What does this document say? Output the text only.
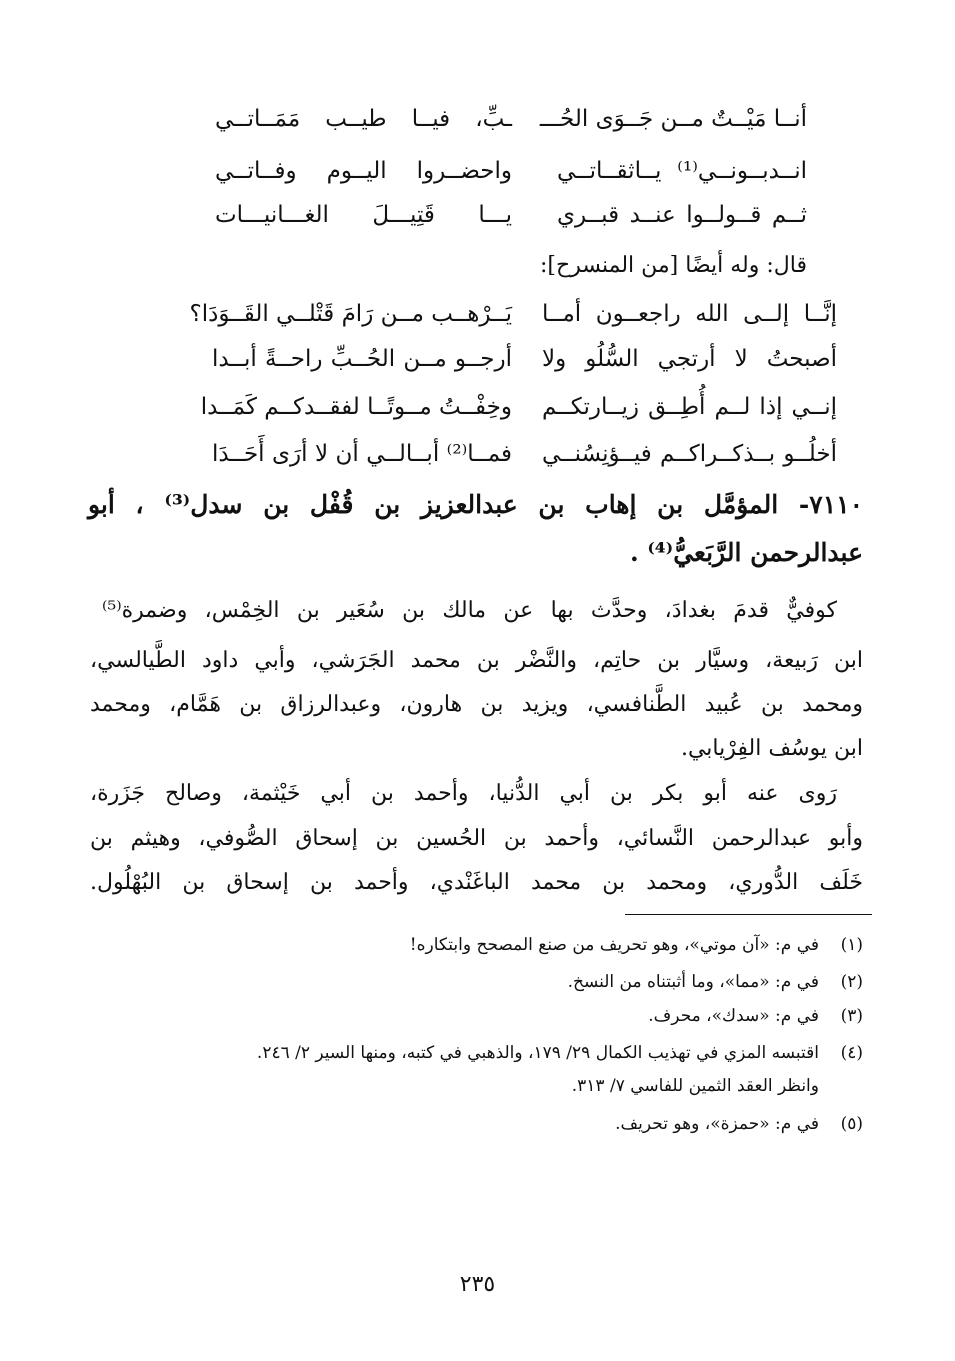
أنــا مَيْــتٌ مــن جَــوَى الحُـــ
ـبِّ، فيــا طيــب مَمَــاتــي
انــدبــونــي⁽¹⁾ يــاثقــاتــي
واحضــروا اليــوم وفــاتــي
ثــم قــولــوا عنــد قبــري
يـــا قَتِيـــلَ الغـــانيـــات
قال: وله أيضًا [من المنسرح]:
إنَّــا إلــى الله راجعــون أمــا
يَــرْهــب مــن رَامَ قَتْلــي القَــوَدَا؟
أصبحتُ لا أرتجي السُّلُو ولا
أرجــو مــن الحُــبِّ راحــةً أبــدا
إنــي إذا لــم أُطِــق زيــارتكــم
وخِفْــتُ مــوتًــا لفقــدكــم كَمَــدا
أخلُــو بــذكــراكــم فيــؤنِسُنــي
فمــا⁽²⁾ أبــالــي أن لا أرَى أَحَــدَا
٧١١٠- المؤمَّل بن إهاب بن عبدالعزيز بن قُفْل بن سدل⁽³⁾ ، أبو
عبدالرحمن الرَّبَعيُّ⁽⁴⁾ .
كوفيٌّ قدمَ بغدادَ، وحدَّث بها عن مالك بن سُعَير بن الخِمْس، وضمرة⁽⁵⁾
ابن رَبيعة، وسيَّار بن حاتِم، والنَّضْر بن محمد الجَرَشي، وأبي داود الطَّيالسي،
ومحمد بن عُبيد الطَّنافسي، ويزيد بن هارون، وعبدالرزاق بن هَمَّام، ومحمد
ابن يوسُف الفِرْيابي.
رَوى عنه أبو بكر بن أبي الدُّنيا، وأحمد بن أبي خَيْثمة، وصالح جَزَرة،
وأبو عبدالرحمن النَّسائي، وأحمد بن الحُسين بن إسحاق الصُّوفي، وهيثم بن
خَلَف الدُّوري، ومحمد بن محمد الباغَنْدي، وأحمد بن إسحاق بن البُهْلُول.
(١)
في م: «آن موتي»، وهو تحريف من صنع المصحح وابتكاره!
(٢)
في م: «مما»، وما أثبتناه من النسخ.
(٣)
في م: «سدك»، محرف.
(٤)
اقتبسه المزي في تهذيب الكمال ٢٩/ ١٧٩، والذهبي في كتبه، ومنها السير ٢/ ٢٤٦.
وانظر العقد الثمين للفاسي ٧/ ٣١٣.
(٥)
في م: «حمزة»، وهو تحريف.
٢٣٥
